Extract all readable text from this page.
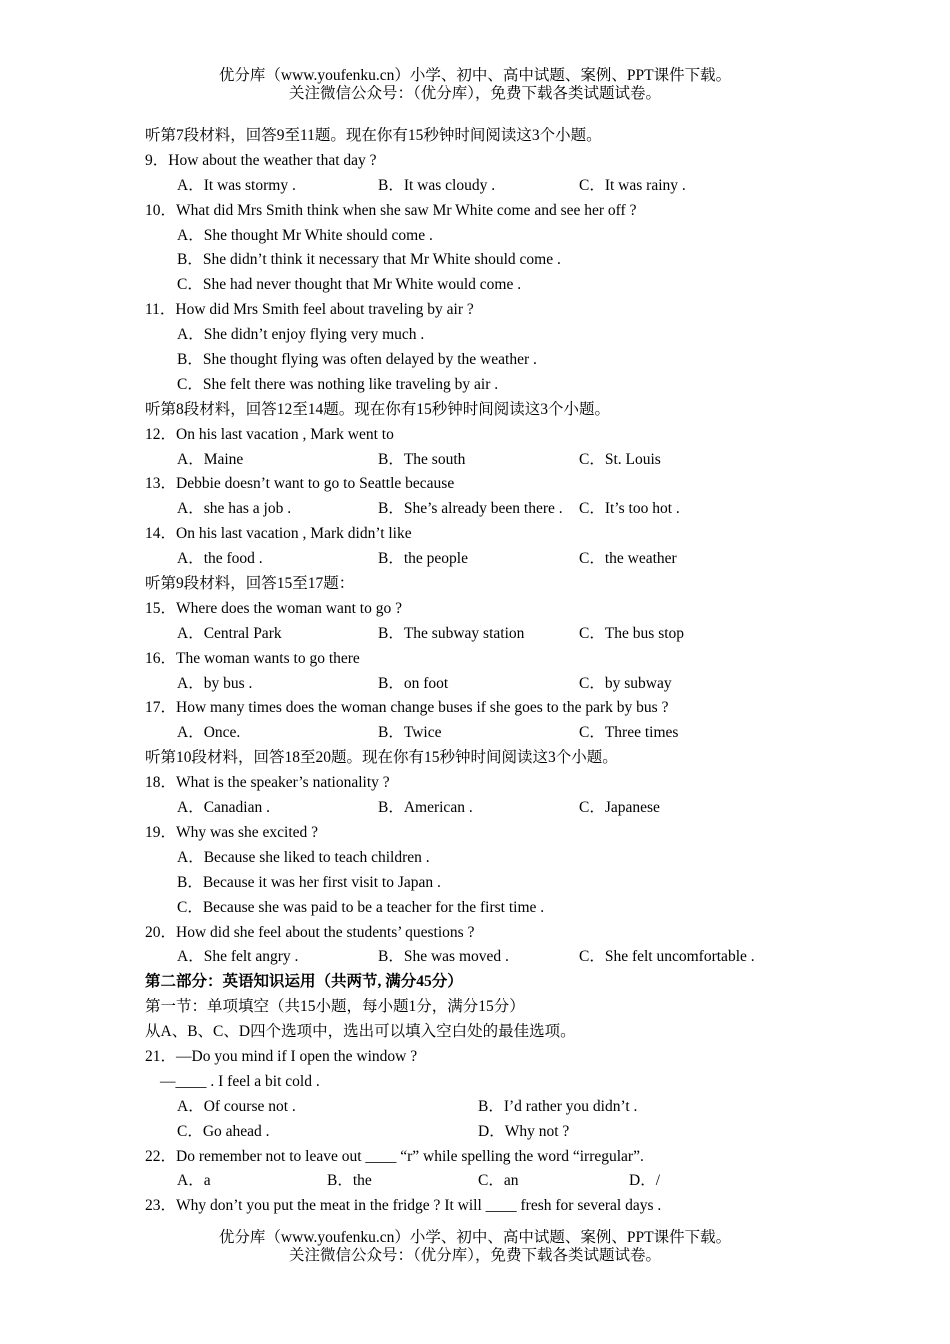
优分库（www.youfenku.cn）小学、初中、高中试题、案例、PPT课件下载。
关注微信公众号：（优分库），免费下载各类试题试卷。
听第7段材料，回答9至11题。现在你有15秒钟时间阅读这3个小题。
9．How about the weather that day ?
A．It was stormy .	B．It was cloudy .	C．It was rainy .
10．What did Mrs Smith think when she saw Mr White come and see her off ?
A．She thought Mr White should come .
B．She didn’t think it necessary that Mr White should come .
C．She had never thought that Mr White would come .
11．How did Mrs Smith feel about traveling by air ?
A．She didn’t enjoy flying very much .
B．She thought flying was often delayed by the weather .
C．She felt there was nothing like traveling by air .
听第8段材料，回答12至14题。现在你有15秒钟时间阅读这3个小题。
12．On his last vacation , Mark went to
A．Maine	B．The south	C．St. Louis
13．Debbie doesn’t want to go to Seattle because
A．she has a job .	B．She’s already been there . C．It’s too hot .
14．On his last vacation , Mark didn’t like
A．the food .	B．the people	C．the weather
听第9段材料，回答15至17题：
15．Where does the woman want to go ?
A．Central Park	B．The subway station	C．The bus stop
16．The woman wants to go there
A．by bus .	B．on foot	C．by subway
17．How many times does the woman change buses if she goes to the park by bus ?
A．Once.	B．Twice	C．Three times
听第10段材料，回答18至20题。现在你有15秒钟时间阅读这3个小题。
18．What is the speaker’s nationality ?
A．Canadian .	B．American .	C．Japanese
19．Why was she excited ?
A．Because she liked to teach children .
B．Because it was her first visit to Japan .
C．Because she was paid to be a teacher for the first time .
20．How did she feel about the students’ questions ?
A．She felt angry .	B．She was moved .	C．She felt uncomfortable .
第二部分：英语知识运用（共两节, 满分45分）
第一节：单项填空（共15小题，每小题1分，满分15分）
从A、B、C、D四个选项中，选出可以填入空白处的最佳选项。
21．—Do you mind if I open the window ?
—____ . I feel a bit cold .
A．Of course not .	B．I’d rather you didn’t .
C．Go ahead .	D．Why not ?
22．Do remember not to leave out ____ “r” while spelling the word “irregular”.
A．a	B．the	C．an	D．/
23．Why don’t you put the meat in the fridge ? It will ____ fresh for several days .
优分库（www.youfenku.cn）小学、初中、高中试题、案例、PPT课件下载。
关注微信公众号：（优分库），免费下载各类试题试卷。
